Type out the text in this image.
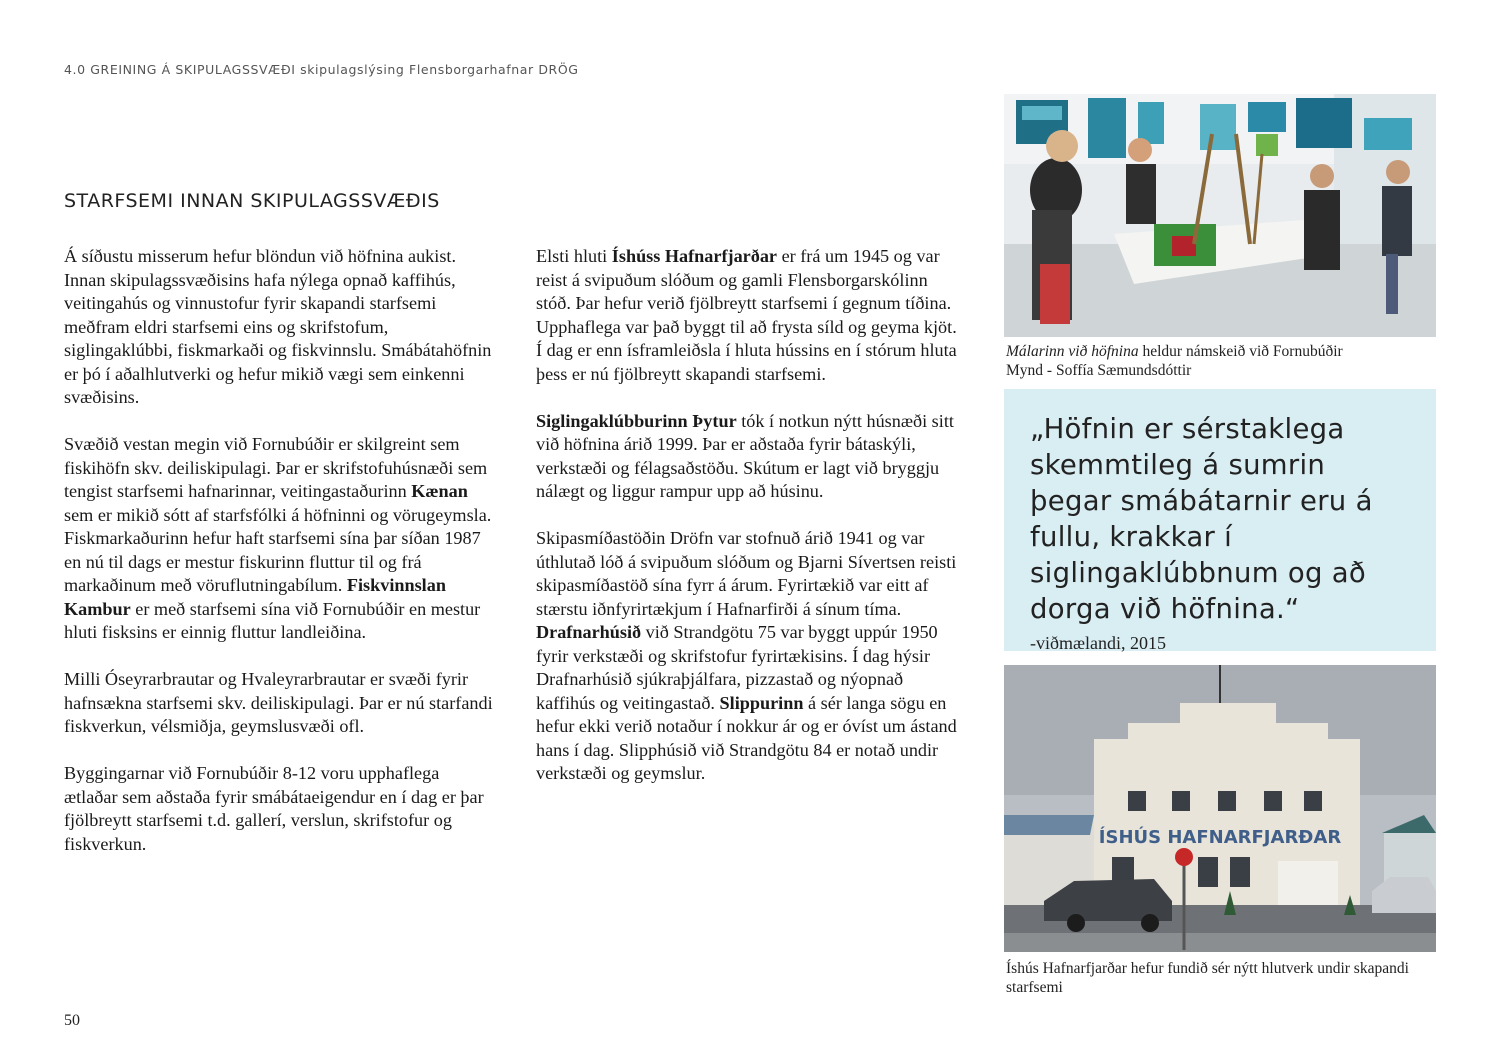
4.0 GREINING Á SKIPULAGSSVÆÐI skipulagslýsing Flensborgarhafnar DRÖG
STARFSEMI INNAN SKIPULAGSSVÆÐIS

Á síðustu misserum hefur blöndun við höfnina aukist. Innan skipulagssvæðisins hafa nýlega opnað kaffihús, veitingahús og vinnustofur fyrir skapandi starfsemi meðfram eldri starfsemi eins og skrifstofum, siglingaklúbbi, fiskmarkaði og fiskvinnslu. Smábátahöfnin er þó í aðalhlutverki og hefur mikið vægi sem einkenni svæðisins.

Svæðið vestan megin við Fornubúðir er skilgreint sem fiskihöfn skv. deiliskipulagi. Þar er skrifstofuhúsnæði sem tengist starfsemi hafnarinnar, veitingastaðurinn Kænan sem er mikið sótt af starfsfólki á höfninni og vörugeymsla. Fiskmarkaðurinn hefur haft starfsemi sína þar síðan 1987 en nú til dags er mestur fiskurinn fluttur til og frá markaðinum með vöruflutningabílum. Fiskvinnslan Kambur er með starfsemi sína við Fornubúðir en mestur hluti fisksins er einnig fluttur landleiðina.

Milli Óseyrarbrautar og Hvaleyrarbrautar er svæði fyrir hafnsækna starfsemi skv. deiliskipulagi. Þar er nú starfandi fiskverkun, vélsmiðja, geymslusvæði ofl.

Byggingarnar við Fornubúðir 8-12 voru upphaflega ætlaðar sem aðstaða fyrir smábátaeigendur en í dag er þar fjölbreytt starfsemi t.d. gallerí, verslun, skrifstofur og fiskverkun.

Elsti hluti Íshúss Hafnarfjarðar er frá um 1945 og var reist á svipuðum slóðum og gamli Flensborgarskólinn stóð. Þar hefur verið fjölbreytt starfsemi í gegnum tíðina. Upphaflega var það byggt til að frysta síld og geyma kjöt. Í dag er enn ísframleiðsla í hluta hússins en í stórum hluta þess er nú fjölbreytt skapandi starfsemi.

Siglingaklúbburinn Þytur tók í notkun nýtt húsnæði sitt við höfnina árið 1999. Þar er aðstaða fyrir bátaskýli, verkstæði og félagsaðstöðu. Skútum er lagt við bryggju nálægt og liggur rampur upp að húsinu.

Skipasmíðastöðin Dröfn var stofnuð árið 1941 og var úthlutað lóð á svipuðum slóðum og Bjarni Sívertsen reisti skipasmíðastöð sína fyrr á árum. Fyrirtækið var eitt af stærstu iðnfyrirtækjum í Hafnarfirði á sínum tíma. Drafnarhúsið við Strandgötu 75 var byggt uppúr 1950 fyrir verkstæði og skrifstofur fyrirtækisins. Í dag hýsir Drafnarhúsið sjúkraþjálfara, pizzastað og nýopnað kaffihús og veitingastað. Slippurinn á sér langa sögu en hefur ekki verið notaður í nokkur ár og er óvíst um ástand hans í dag. Slipphúsið við Strandgötu 84 er notað undir verkstæði og geymslur.

Málarinn við höfnina heldur námskeið við Fornubúðir
Mynd - Soffía Sæmundsdóttir
„Höfnin er sérstaklega skemmtileg á sumrin þegar smábátarnir eru á fullu, krakkar í siglingaklúbbnum og að dorga við höfnina.“
-viðmælandi, 2015
ÍSHÚS HAFNARFJARÐAR
Íshús Hafnarfjarðar hefur fundið sér nýtt hlutverk undir skapandi starfsemi
50
